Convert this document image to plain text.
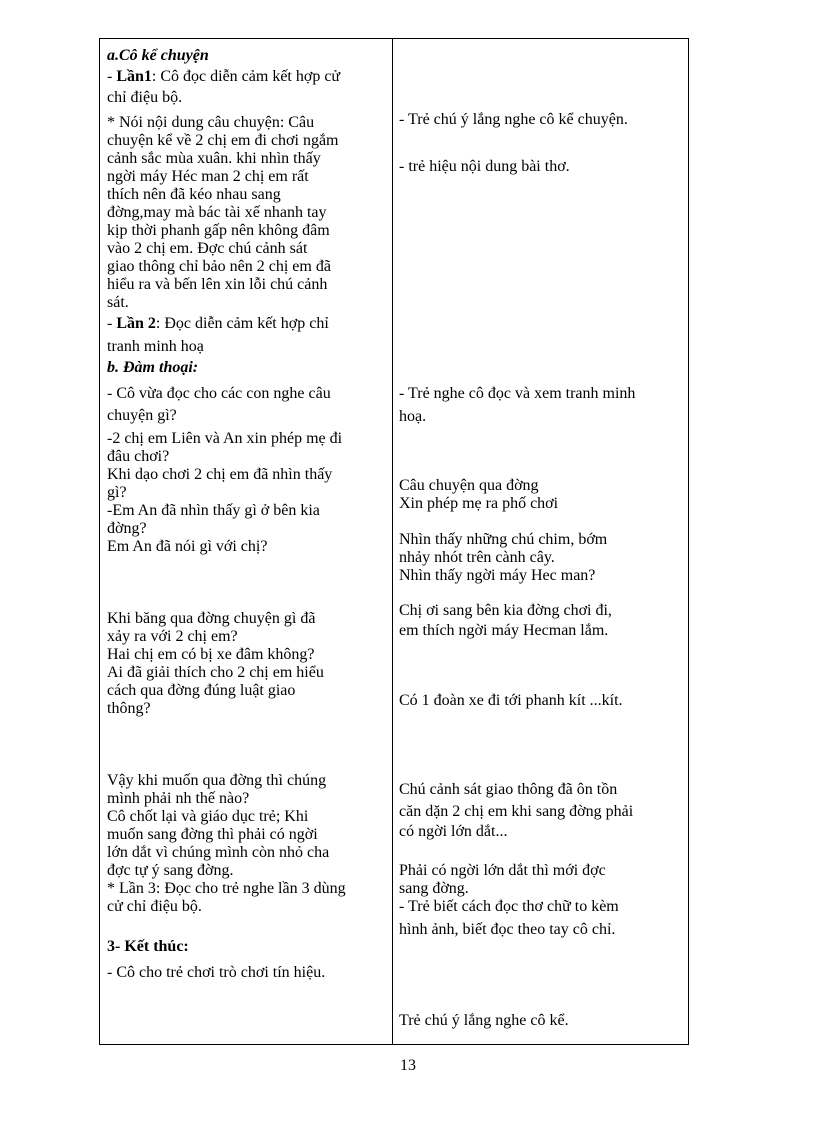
a.Cô kể chuyện
- Lần1: Cô đọc diễn cảm kết hợp cử
chỉ điệu bộ.
* Nói nội dung câu chuyện: Câu
chuyện kể về 2 chị em đi chơi ngắm
cảnh sắc mùa xuân. khi nhìn thấy
ngời máy Héc man 2 chị em rất
thích nên đã kéo nhau sang
đờng,may mà bác tài xế nhanh tay
kịp thời phanh gấp nên không đâm
vào 2 chị em. Đợc chú cảnh sát
giao thông chỉ bảo nên 2 chị em đã
hiểu ra và bến lên xin lỗi chú cảnh
sát.
- Lần 2: Đọc diễn cảm kết hợp chỉ
tranh minh hoạ
b. Đàm thoại:
- Cô vừa đọc cho các con nghe câu
chuyện gì?
-2 chị em Liên và An xin phép mẹ đi
đâu chơi?
Khi dạo chơi 2 chị em đã nhìn thấy
gì?
-Em An đã nhìn thấy gì ở bên kia
đờng?
Em An đã nói gì với chị?
Khi băng qua đờng chuyện gì đã
xảy ra với 2 chị em?
Hai chị em có bị xe đâm không?
Ai đã giải thích cho 2 chị em hiểu
cách qua đờng đúng luật giao
thông?
Vậy khi muốn qua đờng thì chúng
mình phải nh thế nào?
Cô chốt lại và giáo dục trẻ; Khi
muốn sang đờng thì phải có ngời
lớn dắt vì chúng mình còn nhỏ cha
đợc tự ý sang đờng.
* Lần 3: Đọc cho trẻ nghe lần 3 dùng
cử chỉ điệu bộ.
3- Kết thúc:
- Cô cho trẻ chơi trò chơi tín hiệu.
- Trẻ chú ý lắng nghe cô kể chuyện.
- trẻ hiệu nội dung bài thơ.
- Trẻ nghe cô đọc và xem tranh minh
hoạ.
Câu chuyện qua đờng
Xin phép mẹ ra phố chơi
Nhìn thấy những chú chim, bớm
nhảy nhót trên cành cây.
Nhìn thấy ngời máy Hec man?
Chị ơi sang bên kia đờng chơi đi,
em thích ngời máy Hecman lắm.
Có 1 đoàn xe đi tới phanh kít ...kít.
Chú cảnh sát giao thông đã ôn tồn
căn dặn 2 chị em khi sang đờng phải
có ngời lớn dắt...
Phải có ngời lớn dắt thì mới đợc
sang đờng.
- Trẻ biết cách đọc thơ chữ to kèm
hình ảnh, biết đọc theo tay cô chỉ.
Trẻ chú ý lắng nghe cô kể.
13
